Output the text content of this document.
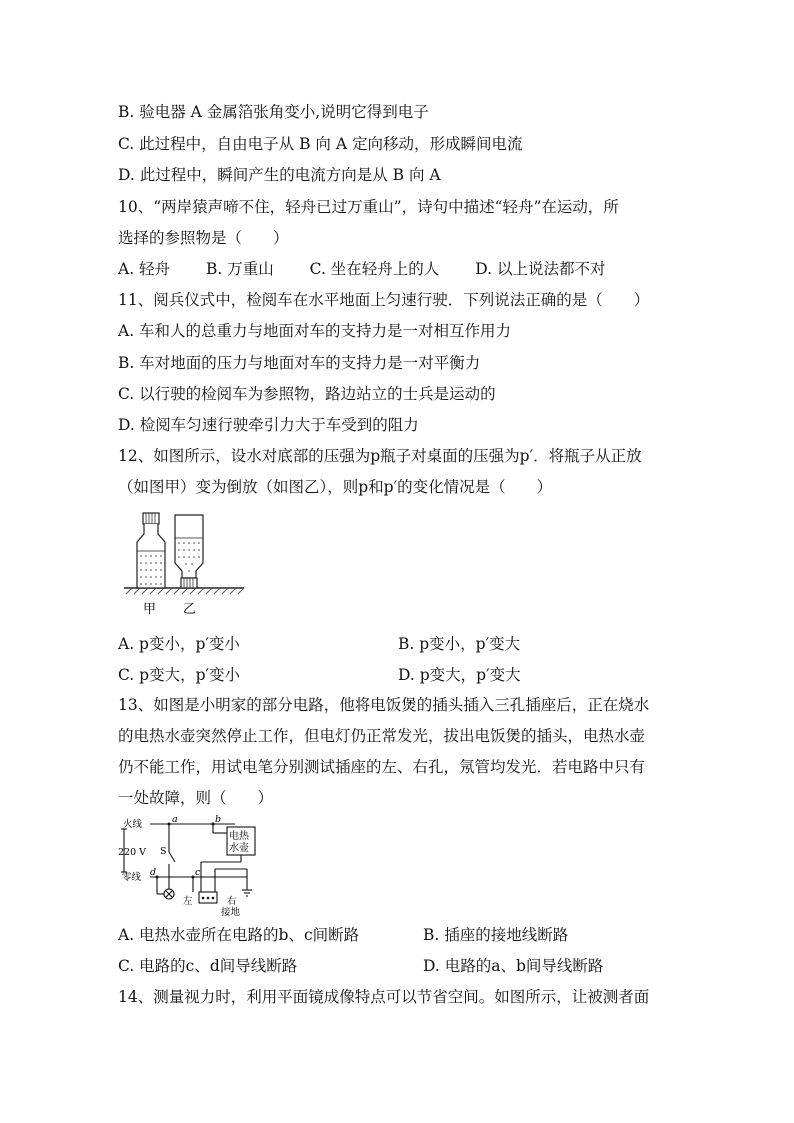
B. 验电器 A 金属箔张角变小,说明它得到电子
C. 此过程中，自由电子从 B 向 A 定向移动，形成瞬间电流
D. 此过程中，瞬间产生的电流方向是从 B 向 A
10、“两岸猿声啼不住，轻舟已过万重山”，诗句中描述“轻舟”在运动，所
选择的参照物是（　　）
A. 轻舟　　 B. 万重山　　 C. 坐在轻舟上的人　　 D. 以上说法都不对
11、阅兵仪式中，检阅车在水平地面上匀速行驶．下列说法正确的是（　　）
A. 车和人的总重力与地面对车的支持力是一对相互作用力
B. 车对地面的压力与地面对车的支持力是一对平衡力
C. 以行驶的检阅车为参照物，路边站立的士兵是运动的
D. 检阅车匀速行驶牵引力大于车受到的阻力
12、如图所示，设水对底部的压强为p瓶子对桌面的压强为p′．将瓶子从正放
（如图甲）变为倒放（如图乙），则p和p′的变化情况是（　　）
甲 乙
A. p变小，p′变小	B. p变小，p′变大
C. p变大，p′变小	D. p变大，p′变大
13、如图是小明家的部分电路，他将电饭煲的插头插入三孔插座后，正在烧水
的电热水壶突然停止工作，但电灯仍正常发光，拔出电饭煲的插头，电热水壶
仍不能工作，用试电笔分别测试插座的左、右孔，氖管均发光．若电路中只有
一处故障，则（　　）
火线
零线
220 V
a	b
c
d
S
电热
水壶
左	右
接地
A. 电热水壶所在电路的b、c间断路	B. 插座的接地线断路
C. 电路的c、d间导线断路	D. 电路的a、b间导线断路
14、测量视力时，利用平面镜成像特点可以节省空间。如图所示，让被测者面
